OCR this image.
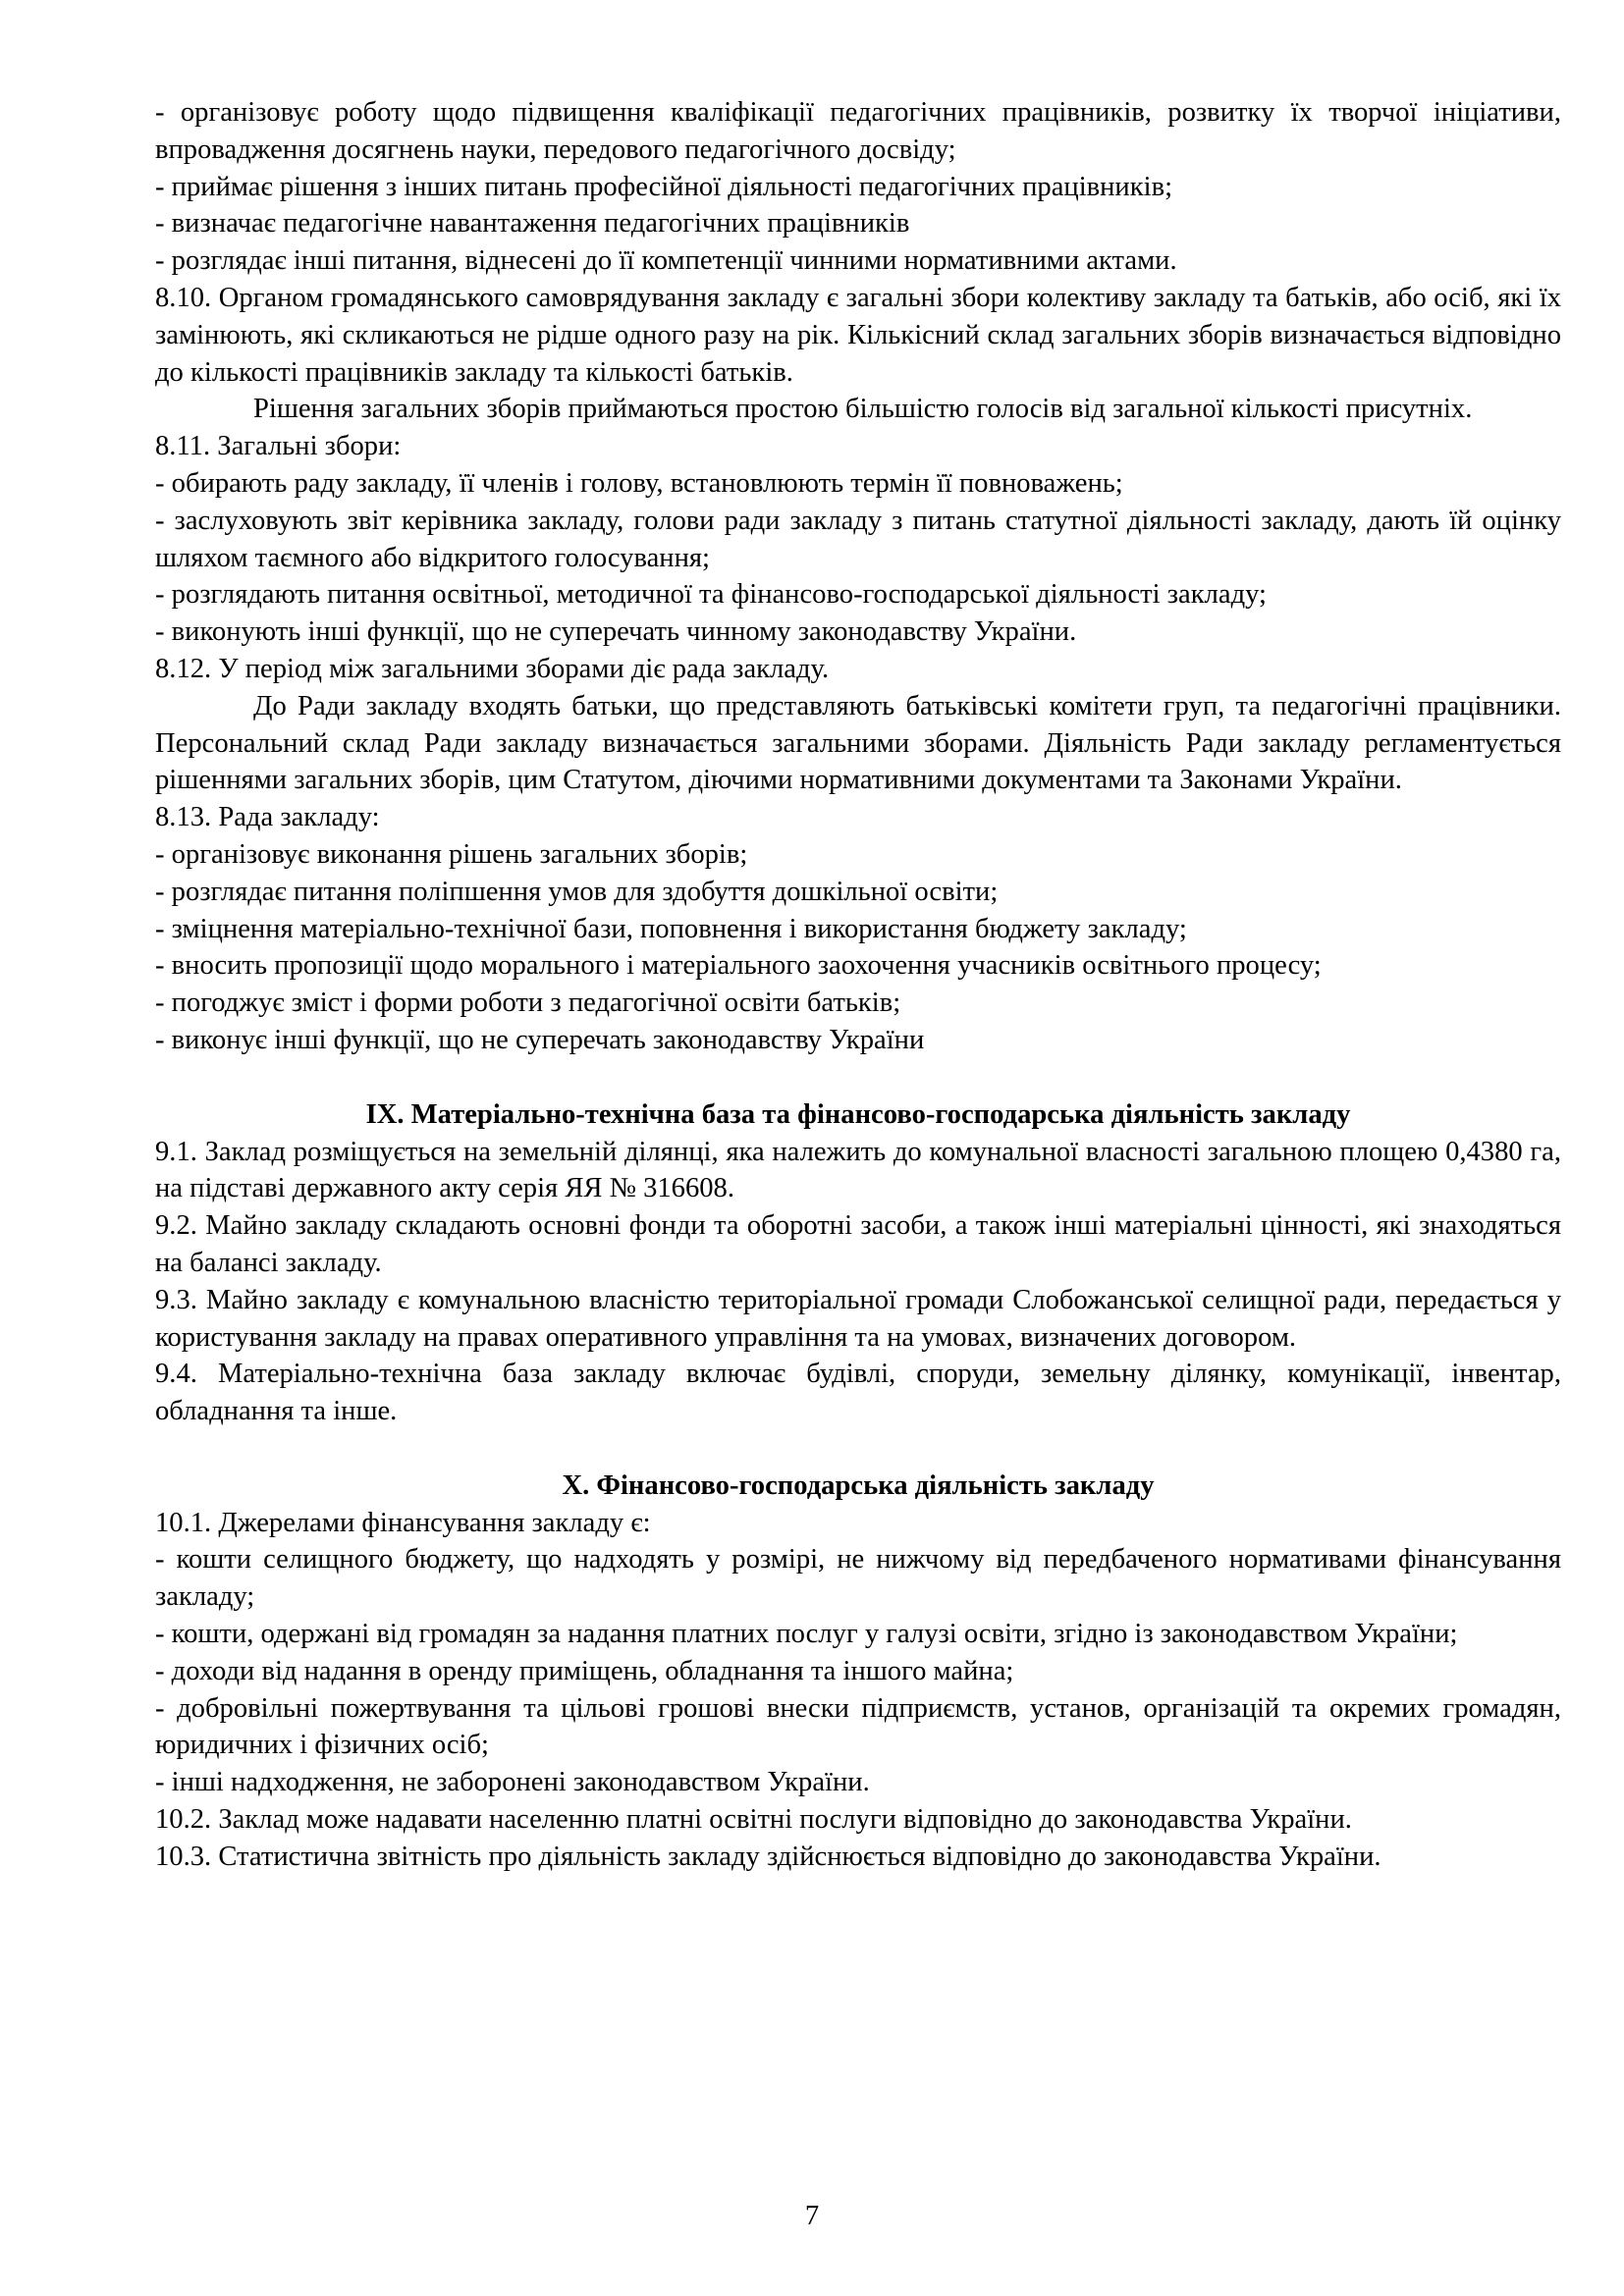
- організовує роботу щодо підвищення кваліфікації педагогічних працівників, розвитку їх творчої ініціативи, впровадження досягнень науки, передового педагогічного досвіду;

- приймає рішення з інших питань професійної діяльності педагогічних працівників;

- визначає педагогічне навантаження педагогічних працівників

- розглядає інші питання, віднесені до її компетенції чинними нормативними актами.

8.10. Органом громадянського самоврядування закладу є загальні збори колективу закладу та батьків, або осіб, які їх замінюють, які скликаються не рідше одного разу на рік. Кількісний склад загальних зборів визначається відповідно до кількості працівників закладу та кількості батьків.

Рішення загальних зборів приймаються простою більшістю голосів від загальної кількості присутніх.

8.11. Загальні збори:

- обирають раду закладу, її членів і голову, встановлюють термін її повноважень;

- заслуховують звіт керівника закладу, голови ради закладу з питань статутної діяльності закладу, дають їй оцінку шляхом таємного або відкритого голосування;

- розглядають питання освітньої, методичної та фінансово-господарської діяльності закладу;

- виконують інші функції, що не суперечать чинному законодавству України.

8.12. У період між загальними зборами діє рада закладу.

До Ради закладу входять батьки, що представляють батьківські комітети груп, та педагогічні працівники. Персональний склад Ради закладу визначається загальними зборами. Діяльність Ради закладу регламентується рішеннями загальних зборів, цим Статутом, діючими нормативними документами та Законами України.

8.13. Рада закладу:

- організовує виконання рішень загальних зборів;

- розглядає питання поліпшення умов для здобуття дошкільної освіти;

- зміцнення матеріально-технічної бази, поповнення і використання бюджету закладу;

- вносить пропозиції щодо морального і матеріального заохочення учасників освітнього процесу;

- погоджує зміст і форми роботи з педагогічної освіти батьків;

- виконує інші функції, що не суперечать законодавству України

IX. Матеріально-технічна база та фінансово-господарська діяльність закладу

9.1. Заклад розміщується на земельній ділянці, яка належить до комунальної власності загальною площею 0,4380 га, на підставі державного акту серія ЯЯ № 316608.

9.2. Майно закладу складають основні фонди та оборотні засоби, а також інші матеріальні цінності, які знаходяться на балансі закладу.

9.3. Майно закладу є комунальною власністю територіальної громади Слобожанської селищної ради, передається у користування закладу на правах оперативного управління та на умовах, визначених договором.

9.4. Матеріально-технічна база закладу включає будівлі, споруди, земельну ділянку, комунікації, інвентар, обладнання та інше.

X. Фінансово-господарська діяльність закладу

10.1. Джерелами фінансування закладу є:

- кошти селищного бюджету, що надходять у розмірі, не нижчому від передбаченого нормативами фінансування закладу;

- кошти, одержані від громадян за надання платних послуг у галузі освіти, згідно із законодавством України;

- доходи від надання в оренду приміщень, обладнання та іншого майна;

- добровільні пожертвування та цільові грошові внески підприємств, установ, організацій та окремих громадян, юридичних і фізичних осіб;

- інші надходження, не заборонені законодавством України.

10.2. Заклад може надавати населенню платні освітні послуги відповідно до законодавства України.

10.3. Статистична звітність про діяльність закладу здійснюється відповідно до законодавства України.

7
